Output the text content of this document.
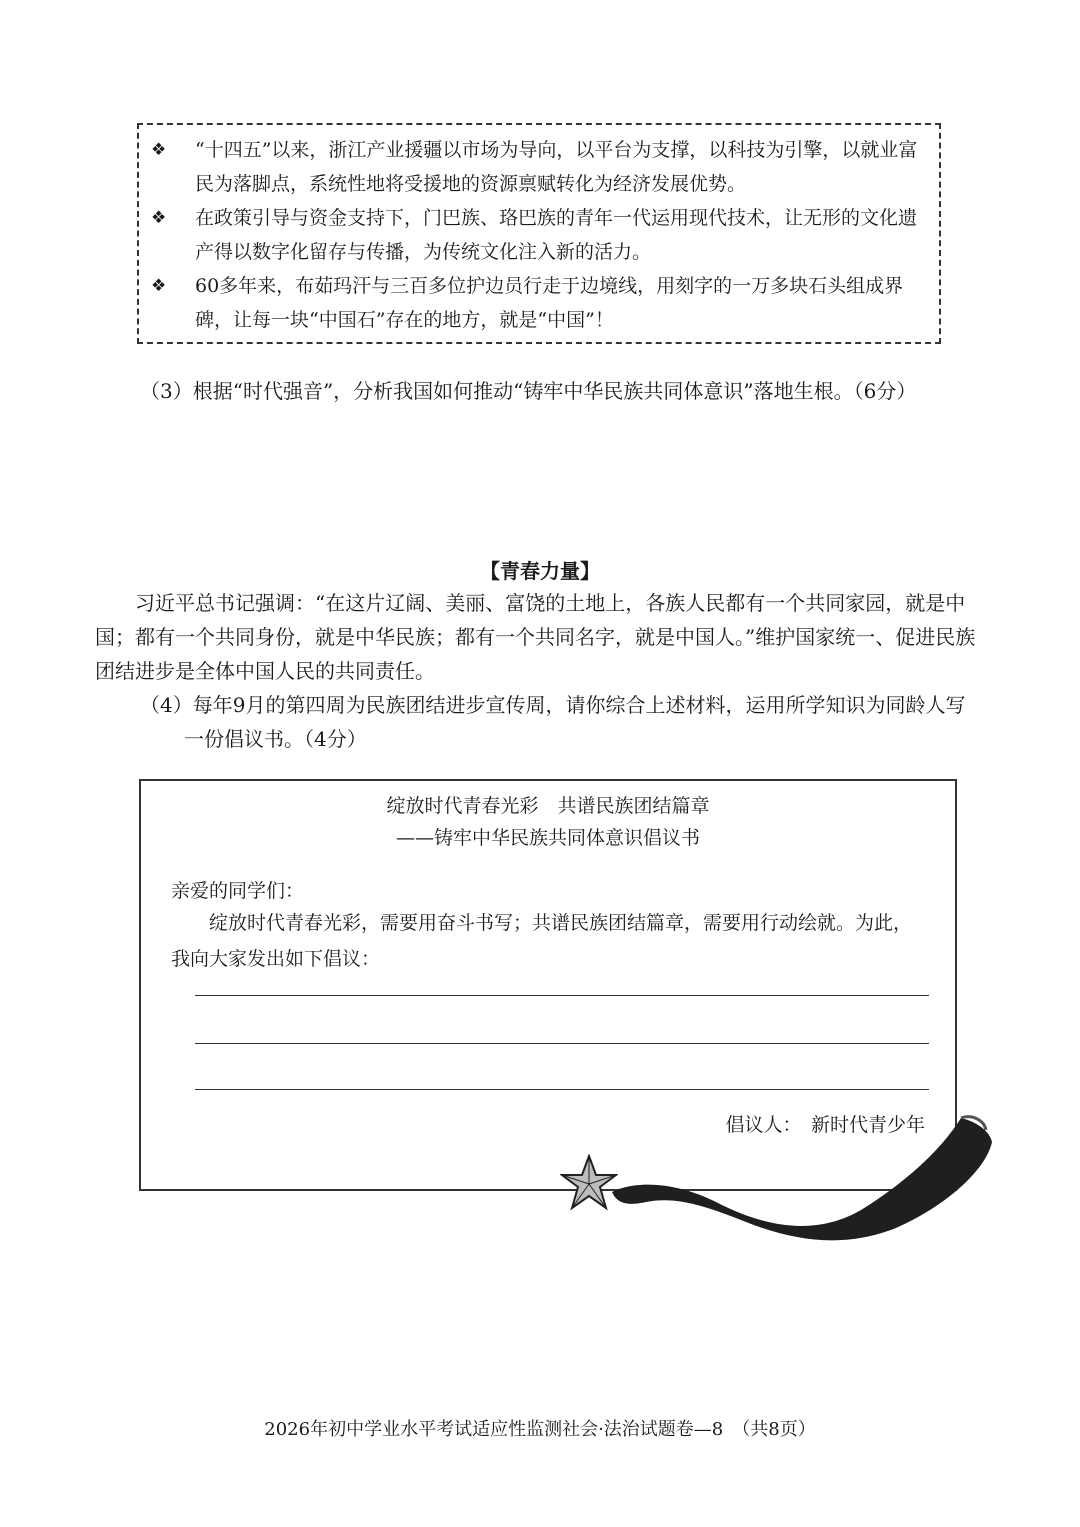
❖ “十四五”以来，浙江产业援疆以市场为导向，以平台为支撑，以科技为引擎，以就业富民为落脚点，系统性地将受援地的资源禀赋转化为经济发展优势。
❖ 在政策引导与资金支持下，门巴族、珞巴族的青年一代运用现代技术，让无形的文化遗产得以数字化留存与传播，为传统文化注入新的活力。
❖ 60多年来，布茹玛汗与三百多位护边员行走于边境线，用刻字的一万多块石头组成界碑，让每一块“中国石”存在的地方，就是“中国”！
（3）根据“时代强音”，分析我国如何推动“铸牢中华民族共同体意识”落地生根。（6分）
【青春力量】
习近平总书记强调：“在这片辽阔、美丽、富饶的土地上，各族人民都有一个共同家园，就是中国；都有一个共同身份，就是中华民族；都有一个共同名字，就是中国人。”维护国家统一、促进民族团结进步是全体中国人民的共同责任。
（4）每年9月的第四周为民族团结进步宣传周，请你综合上述材料，运用所学知识为同龄人写
一份倡议书。（4分）
绽放时代青春光彩　共谱民族团结篇章
——铸牢中华民族共同体意识倡议书
亲爱的同学们：
绽放时代青春光彩，需要用奋斗书写；共谱民族团结篇章，需要用行动绘就。为此，我向大家发出如下倡议：
倡议人：　新时代青少年
2026年初中学业水平考试适应性监测社会·法治试题卷—8　（共8页）
